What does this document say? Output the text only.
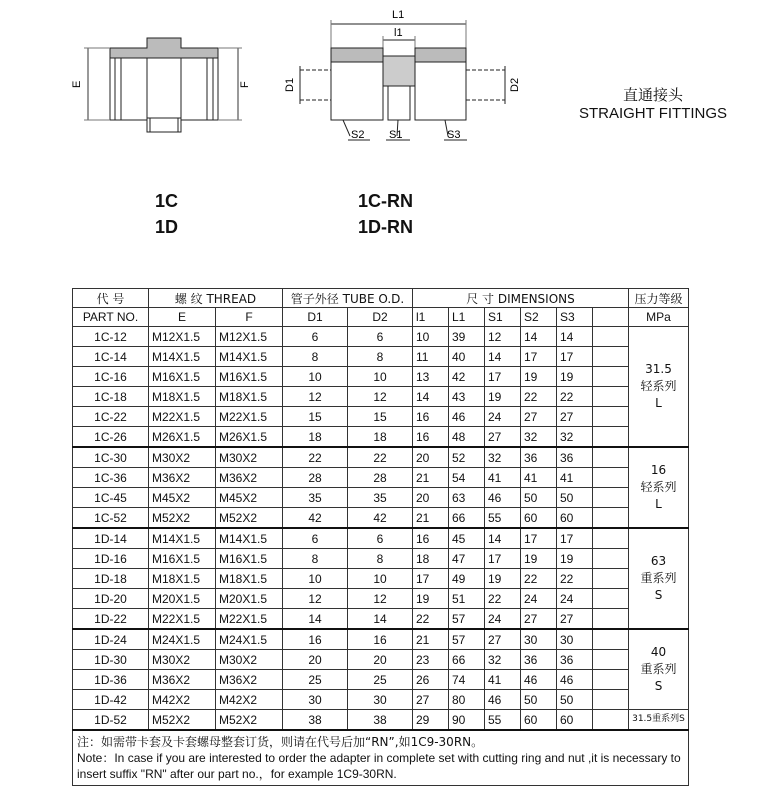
E	F
L1
l1
D1	D2
S2 S1	S3
直通接头
STRAIGHT FITTINGS
1C
1D
1C-RN
1D-RN
代 号	螺 纹 THREAD		管子外径 TUBE O.D.		尺 寸 DIMENSIONS						压力等级
PART NO.	E	F	D1	D2	l1	L1	S1	S2	S3		MPa
1C-12	M12X1.5	M12X1.5	6	6	10	39	12	14	14		31.5
轻系列
L

1C-14	M14X1.5	M14X1.5	8	8	11	40	14	17	17		
1C-16	M16X1.5	M16X1.5	10	10	13	42	17	19	19		
1C-18	M18X1.5	M18X1.5	12	12	14	43	19	22	22		
1C-22	M22X1.5	M22X1.5	15	15	16	46	24	27	27		
1C-26	M26X1.5	M26X1.5	18	18	16	48	27	32	32		
1C-30	M30X2	M30X2	22	22	20	52	32	36	36		16
轻系列
L

1C-36	M36X2	M36X2	28	28	21	54	41	41	41		
1C-45	M45X2	M45X2	35	35	20	63	46	50	50		
1C-52	M52X2	M52X2	42	42	21	66	55	60	60		
1D-14	M14X1.5	M14X1.5	6	6	16	45	14	17	17		63
重系列
S

1D-16	M16X1.5	M16X1.5	8	8	18	47	17	19	19		
1D-18	M18X1.5	M18X1.5	10	10	17	49	19	22	22		
1D-20	M20X1.5	M20X1.5	12	12	19	51	22	24	24		
1D-22	M22X1.5	M22X1.5	14	14	22	57	24	27	27		
1D-24	M24X1.5	M24X1.5	16	16	21	57	27	30	30		40
重系列
S

1D-30	M30X2	M30X2	20	20	23	66	32	36	36		
1D-36	M36X2	M36X2	25	25	26	74	41	46	46		
1D-42	M42X2	M42X2	30	30	27	80	46	50	50		
1D-52	M52X2	M52X2	38	38	29	90	55	60	60		31.5重系列S

注：如需带卡套及卡套螺母整套订货，则请在代号后加“RN”,如1C9-30RN。
Note：In case if you are interested to order the adapter in complete set with cutting ring and nut ,it is necessary to insert suffix "RN" after our part no.，for example 1C9-30RN.											
